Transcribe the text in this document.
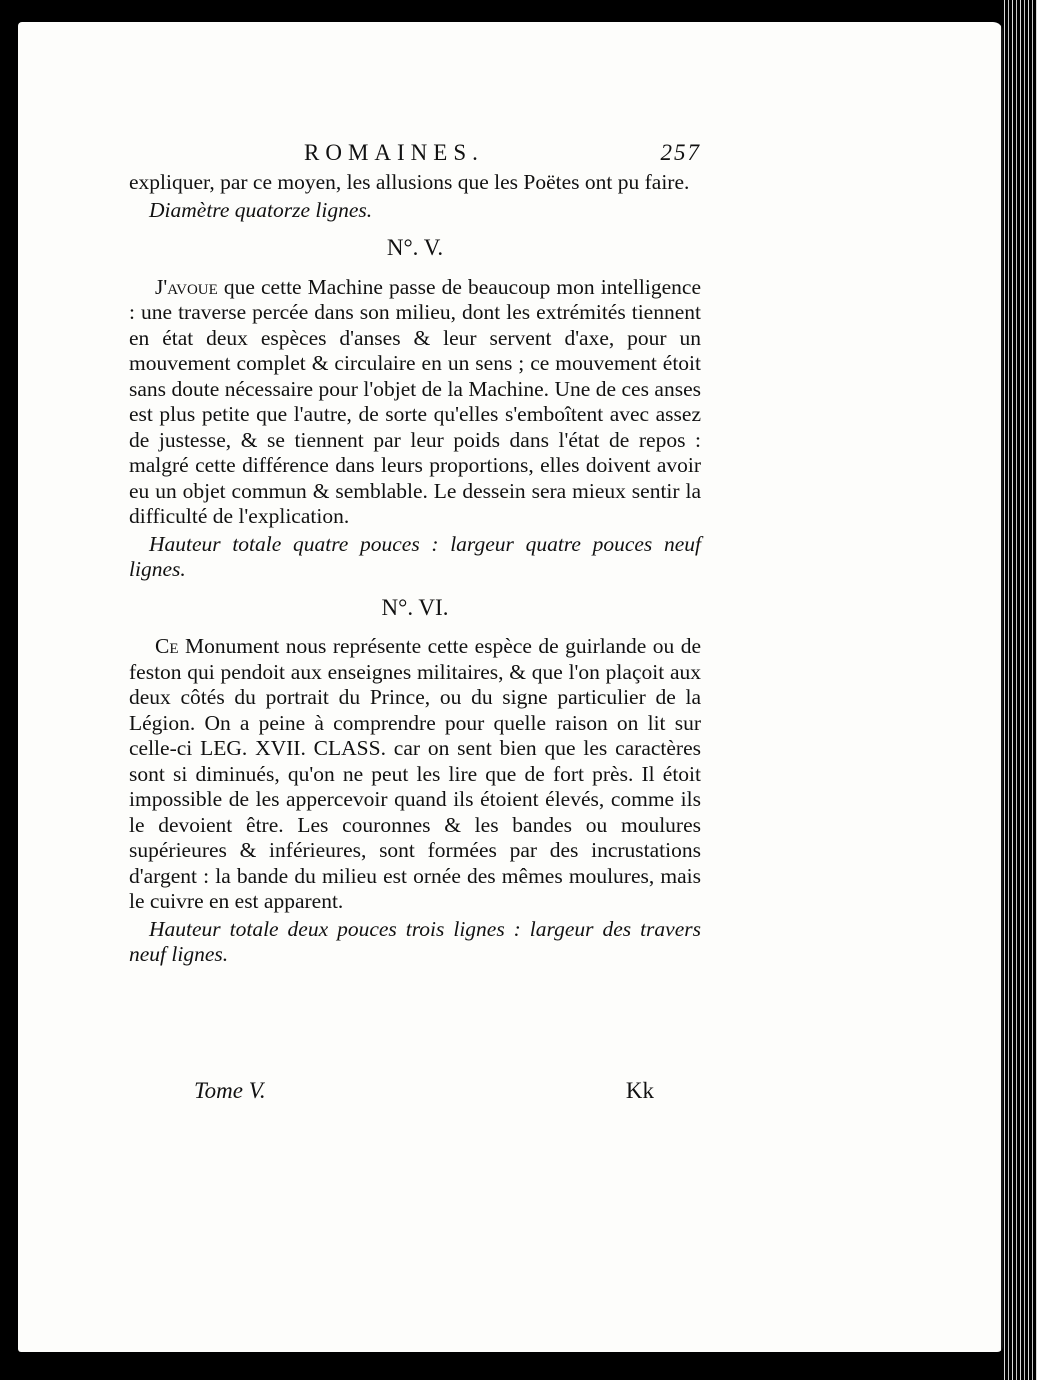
ROMAINES.	257

expliquer, par ce moyen, les allusions que les Poëtes ont pu faire.

Diamètre quatorze lignes.

N°. V.

J'avoue que cette Machine passe de beaucoup mon intelligence : une traverse percée dans son milieu, dont les extrémités tiennent en état deux espèces d'anses & leur servent d'axe, pour un mouvement complet & circulaire en un sens ; ce mouvement étoit sans doute nécessaire pour l'objet de la Machine. Une de ces anses est plus petite que l'autre, de sorte qu'elles s'emboîtent avec assez de justesse, & se tiennent par leur poids dans l'état de repos : malgré cette différence dans leurs proportions, elles doivent avoir eu un objet commun & semblable. Le dessein sera mieux sentir la difficulté de l'explication.

Hauteur totale quatre pouces : largeur quatre pouces neuf lignes.

N°. VI.

Ce Monument nous représente cette espèce de guirlande ou de feston qui pendoit aux enseignes militaires, & que l'on plaçoit aux deux côtés du portrait du Prince, ou du signe particulier de la Légion. On a peine à comprendre pour quelle raison on lit sur celle-ci LEG. XVII. CLASS. car on sent bien que les caractères sont si diminués, qu'on ne peut les lire que de fort près. Il étoit impossible de les appercevoir quand ils étoient élevés, comme ils le devoient être. Les couronnes & les bandes ou moulures supérieures & inférieures, sont formées par des incrustations d'argent : la bande du milieu est ornée des mêmes moulures, mais le cuivre en est apparent.

Hauteur totale deux pouces trois lignes : largeur des travers neuf lignes.

Tome V.	Kk
